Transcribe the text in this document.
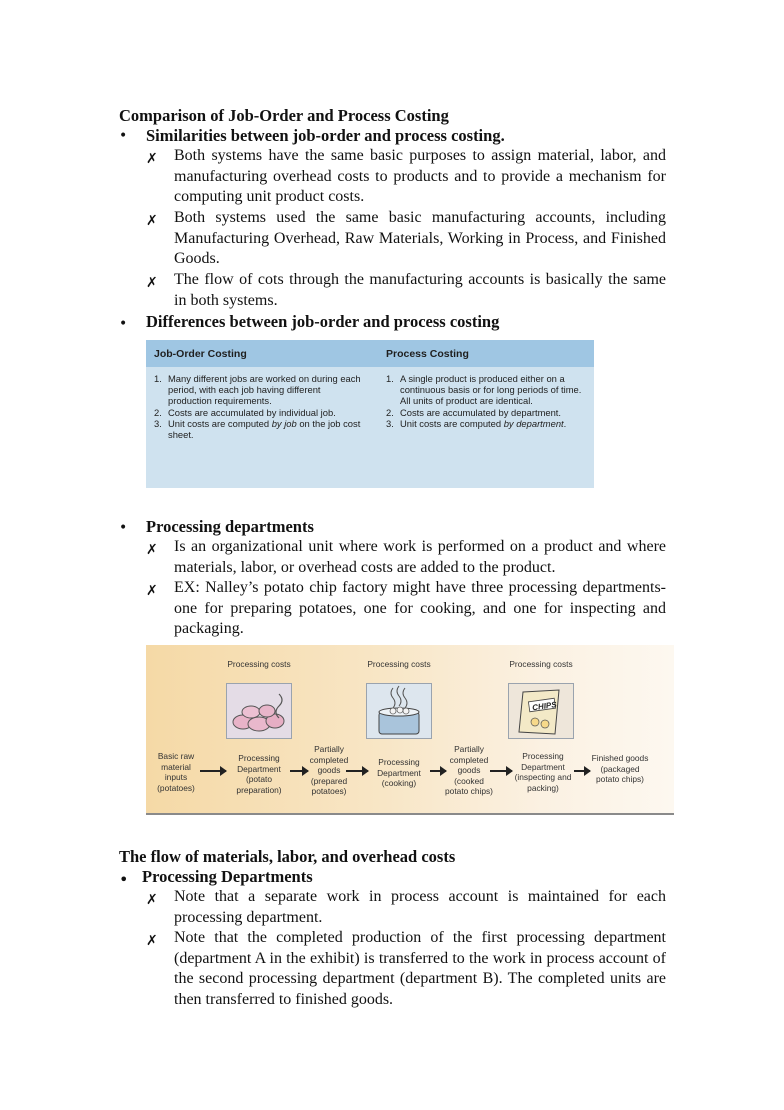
Comparison of Job-Order and Process Costing
• Similarities between job-order and process costing.
✗ Both systems have the same basic purposes to assign material, labor, and manufacturing overhead costs to products and to provide a mechanism for computing unit product costs.
✗ Both systems used the same basic manufacturing accounts, including Manufacturing Overhead, Raw Materials, Working in Process, and Finished Goods.
✗ The flow of cots through the manufacturing accounts is basically the same in both systems.
• Differences between job-order and process costing
Job-Order Costing	Process Costing
1. Many different jobs are worked on during each period, with each job having different production requirements.
2. Costs are accumulated by individual job.
3. Unit costs are computed by job on the job cost sheet.
1. A single product is produced either on a continuous basis or for long periods of time. All units of product are identical.
2. Costs are accumulated by department.
3. Unit costs are computed by department.
• Processing departments
✗ Is an organizational unit where work is performed on a product and where materials, labor, or overhead costs are added to the product.
✗ EX: Nalley’s potato chip factory might have three processing departments-one for preparing potatoes, one for cooking, and one for inspecting and packaging.
Processing costs	Processing costs	Processing costs
CHIPS
Basic raw material inputs (potatoes)
Processing Department (potato preparation)
Partially completed goods (prepared potatoes)
Processing Department (cooking)
Partially completed goods (cooked potato chips)
Processing Department (inspecting and packing)
Finished goods (packaged potato chips)
The flow of materials, labor, and overhead costs
• Processing Departments
✗ Note that a separate work in process account is maintained for each processing department.
✗ Note that the completed production of the first processing department (department A in the exhibit) is transferred to the work in process account of the second processing department (department B). The completed units are then transferred to finished goods.
